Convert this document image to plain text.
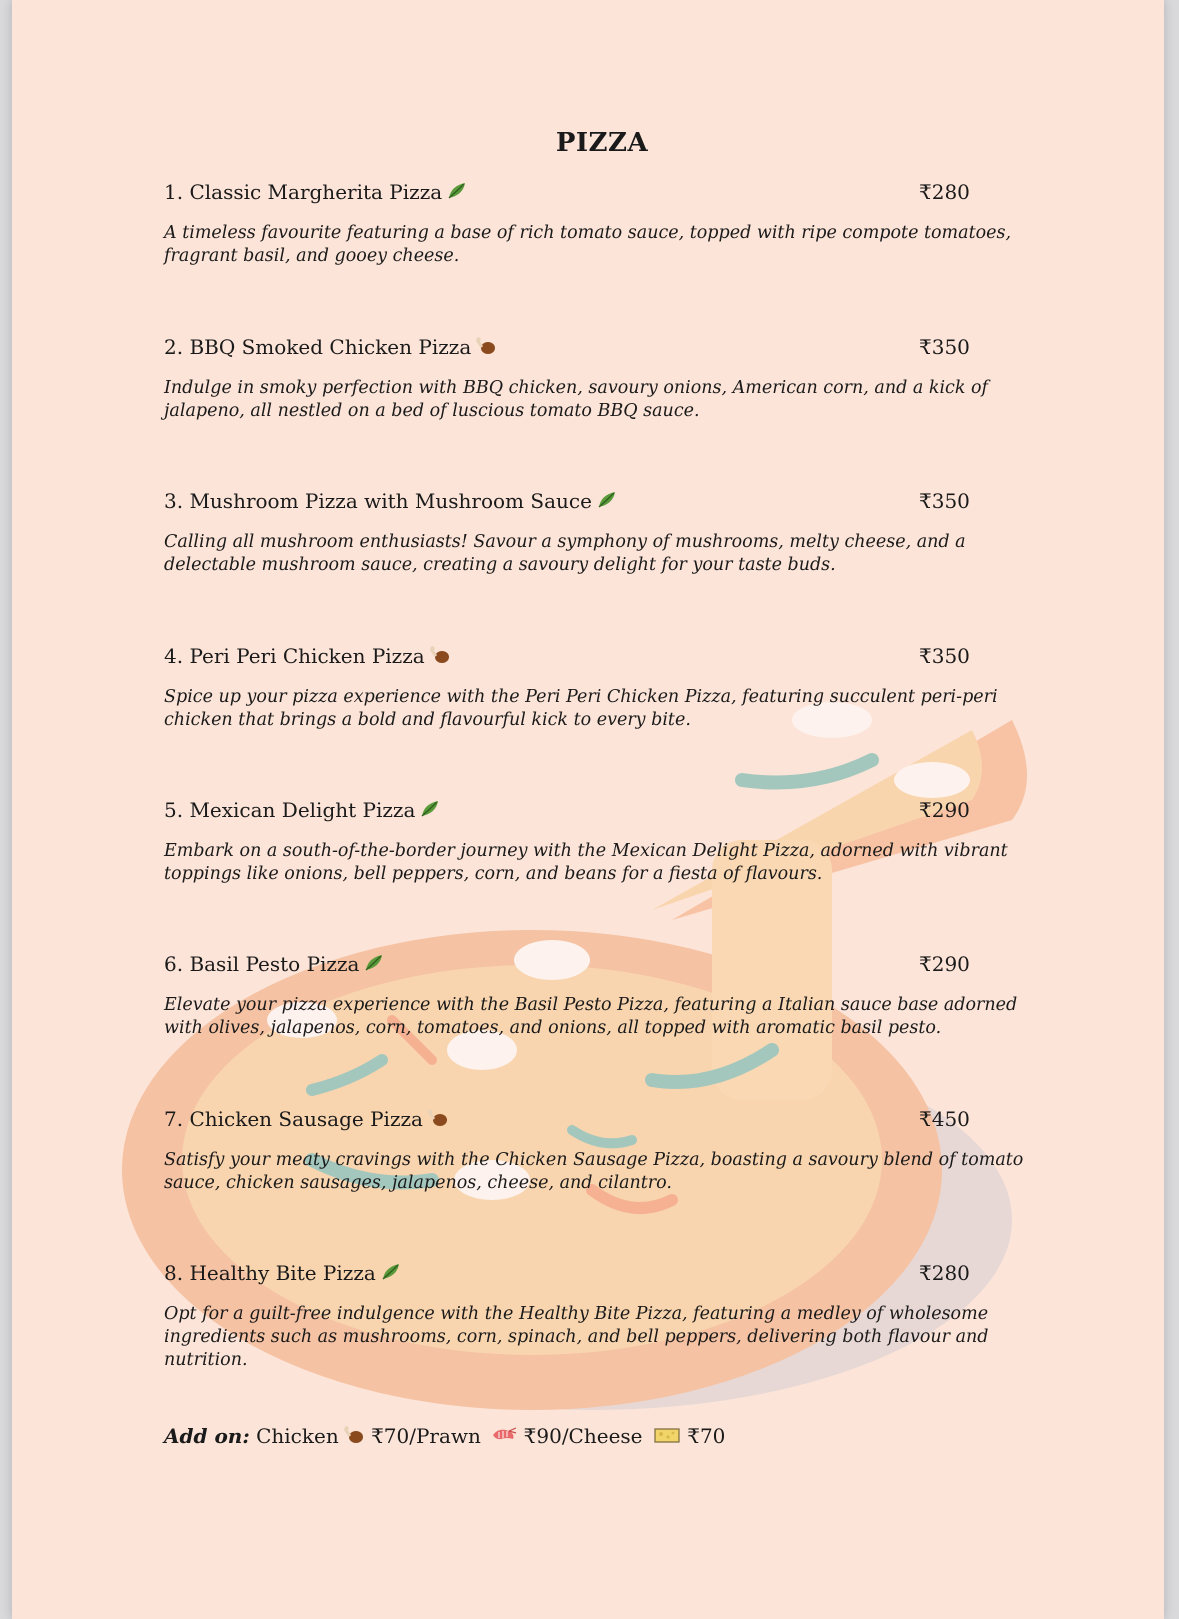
PIZZA
1. Classic Margherita Pizza	₹280
A timeless favourite featuring a base of rich tomato sauce, topped with ripe compote tomatoes, fragrant basil, and gooey cheese.
2. BBQ Smoked Chicken Pizza	₹350
Indulge in smoky perfection with BBQ chicken, savoury onions, American corn, and a kick of jalapeno, all nestled on a bed of luscious tomato BBQ sauce.
3. Mushroom Pizza with Mushroom Sauce	₹350
Calling all mushroom enthusiasts! Savour a symphony of mushrooms, melty cheese, and a delectable mushroom sauce, creating a savoury delight for your taste buds.
4. Peri Peri Chicken Pizza	₹350
Spice up your pizza experience with the Peri Peri Chicken Pizza, featuring succulent peri-peri chicken that brings a bold and flavourful kick to every bite.
5. Mexican Delight Pizza	₹290
Embark on a south-of-the-border journey with the Mexican Delight Pizza, adorned with vibrant toppings like onions, bell peppers, corn, and beans for a fiesta of flavours.
6. Basil Pesto Pizza	₹290
Elevate your pizza experience with the Basil Pesto Pizza, featuring a Italian sauce base adorned with olives, jalapenos, corn, tomatoes, and onions, all topped with aromatic basil pesto.
7. Chicken Sausage Pizza	₹450
Satisfy your meaty cravings with the Chicken Sausage Pizza, boasting a savoury blend of tomato sauce, chicken sausages, jalapenos, cheese, and cilantro.
8. Healthy Bite Pizza	₹280
Opt for a guilt-free indulgence with the Healthy Bite Pizza, featuring a medley of wholesome ingredients such as mushrooms, corn, spinach, and bell peppers, delivering both flavour and nutrition.
Add on: Chicken ₹70/Prawn ₹90/Cheese ₹70
